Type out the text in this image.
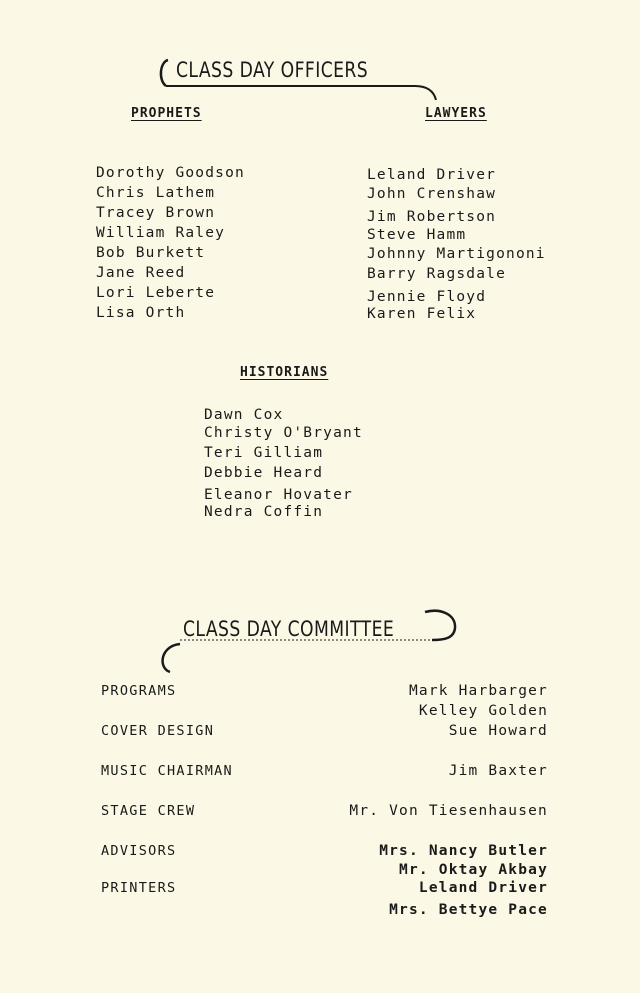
CLASS DAY OFFICERS
PROPHETS	LAWYERS
Dorothy Goodson
Chris Lathem
Tracey Brown
William Raley
Bob Burkett
Jane Reed
Lori Leberte
Lisa Orth
Leland Driver
John Crenshaw
Jim Robertson
Steve Hamm
Johnny Martigononi
Barry Ragsdale
Jennie Floyd
Karen Felix
HISTORIANS
Dawn Cox
Christy O'Bryant
Teri Gilliam
Debbie Heard
Eleanor Hovater
Nedra Coffin
CLASS DAY COMMITTEE
PROGRAMS
COVER DESIGN
MUSIC CHAIRMAN
STAGE CREW
ADVISORS
PRINTERS
Mark Harbarger
Kelley Golden
Sue Howard
Jim Baxter
Mr. Von Tiesenhausen
Mrs. Nancy Butler
Mr. Oktay Akbay
Leland Driver
Mrs. Bettye Pace
